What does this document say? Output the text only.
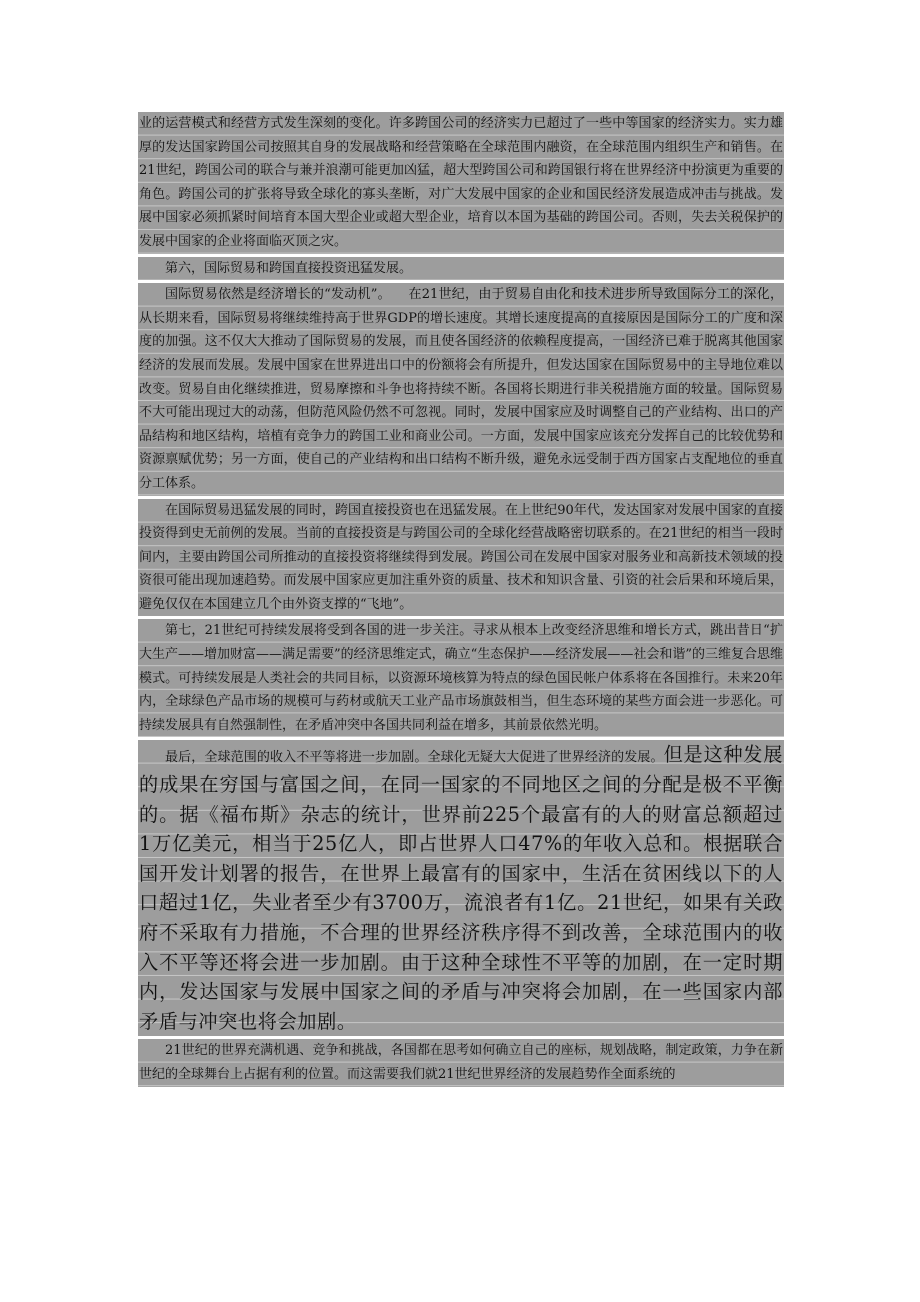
业的运营模式和经营方式发生深刻的变化。许多跨国公司的经济实力已超过了一些中等国家的经济实力。实力雄厚的发达国家跨国公司按照其自身的发展战略和经营策略在全球范围内融资，在全球范围内组织生产和销售。在21世纪，跨国公司的联合与兼并浪潮可能更加凶猛，超大型跨国公司和跨国银行将在世界经济中扮演更为重要的角色。跨国公司的扩张将导致全球化的寡头垄断，对广大发展中国家的企业和国民经济发展造成冲击与挑战。发展中国家必须抓紧时间培育本国大型企业或超大型企业，培育以本国为基础的跨国公司。否则，失去关税保护的发展中国家的企业将面临灭顶之灾。

第六，国际贸易和跨国直接投资迅猛发展。

国际贸易依然是经济增长的“发动机”。    在21世纪，由于贸易自由化和技术进步所导致国际分工的深化，从长期来看，国际贸易将继续维持高于世界GDP的增长速度。其增长速度提高的直接原因是国际分工的广度和深度的加强。这不仅大大推动了国际贸易的发展，而且使各国经济的依赖程度提高，一国经济已难于脱离其他国家经济的发展而发展。发展中国家在世界进出口中的份额将会有所提升，但发达国家在国际贸易中的主导地位难以改变。贸易自由化继续推进，贸易摩擦和斗争也将持续不断。各国将长期进行非关税措施方面的较量。国际贸易不大可能出现过大的动荡，但防范风险仍然不可忽视。同时，发展中国家应及时调整自己的产业结构、出口的产品结构和地区结构，培植有竞争力的跨国工业和商业公司。一方面，发展中国家应该充分发挥自己的比较优势和资源禀赋优势；另一方面，使自己的产业结构和出口结构不断升级，避免永远受制于西方国家占支配地位的垂直分工体系。

在国际贸易迅猛发展的同时，跨国直接投资也在迅猛发展。在上世纪90年代，发达国家对发展中国家的直接投资得到史无前例的发展。当前的直接投资是与跨国公司的全球化经营战略密切联系的。在21世纪的相当一段时间内，主要由跨国公司所推动的直接投资将继续得到发展。跨国公司在发展中国家对服务业和高新技术领域的投资很可能出现加速趋势。而发展中国家应更加注重外资的质量、技术和知识含量、引资的社会后果和环境后果，避免仅仅在本国建立几个由外资支撑的“飞地”。

第七，21世纪可持续发展将受到各国的进一步关注。寻求从根本上改变经济思维和增长方式，跳出昔日“扩大生产——增加财富——满足需要”的经济思维定式，确立“生态保护——经济发展——社会和谐”的三维复合思维模式。可持续发展是人类社会的共同目标，以资源环境核算为特点的绿色国民帐户体系将在各国推行。未来20年内，全球绿色产品市场的规模可与药材或航天工业产品市场旗鼓相当，但生态环境的某些方面会进一步恶化。可持续发展具有自然强制性，在矛盾冲突中各国共同利益在增多，其前景依然光明。

最后，全球范围的收入不平等将进一步加剧。全球化无疑大大促进了世界经济的发展。但是这种发展的成果在穷国与富国之间，在同一国家的不同地区之间的分配是极不平衡的。据《福布斯》杂志的统计，世界前225个最富有的人的财富总额超过1万亿美元，相当于25亿人，即占世界人口47%的年收入总和。根据联合国开发计划署的报告，在世界上最富有的国家中，生活在贫困线以下的人口超过1亿，失业者至少有3700万，流浪者有1亿。21世纪，如果有关政府不采取有力措施，不合理的世界经济秩序得不到改善，全球范围内的收入不平等还将会进一步加剧。由于这种全球性不平等的加剧，在一定时期内，发达国家与发展中国家之间的矛盾与冲突将会加剧，在一些国家内部矛盾与冲突也将会加剧。

21世纪的世界充满机遇、竞争和挑战，各国都在思考如何确立自己的座标，规划战略，制定政策，力争在新世纪的全球舞台上占据有利的位置。而这需要我们就21世纪世界经济的发展趋势作全面系统的
